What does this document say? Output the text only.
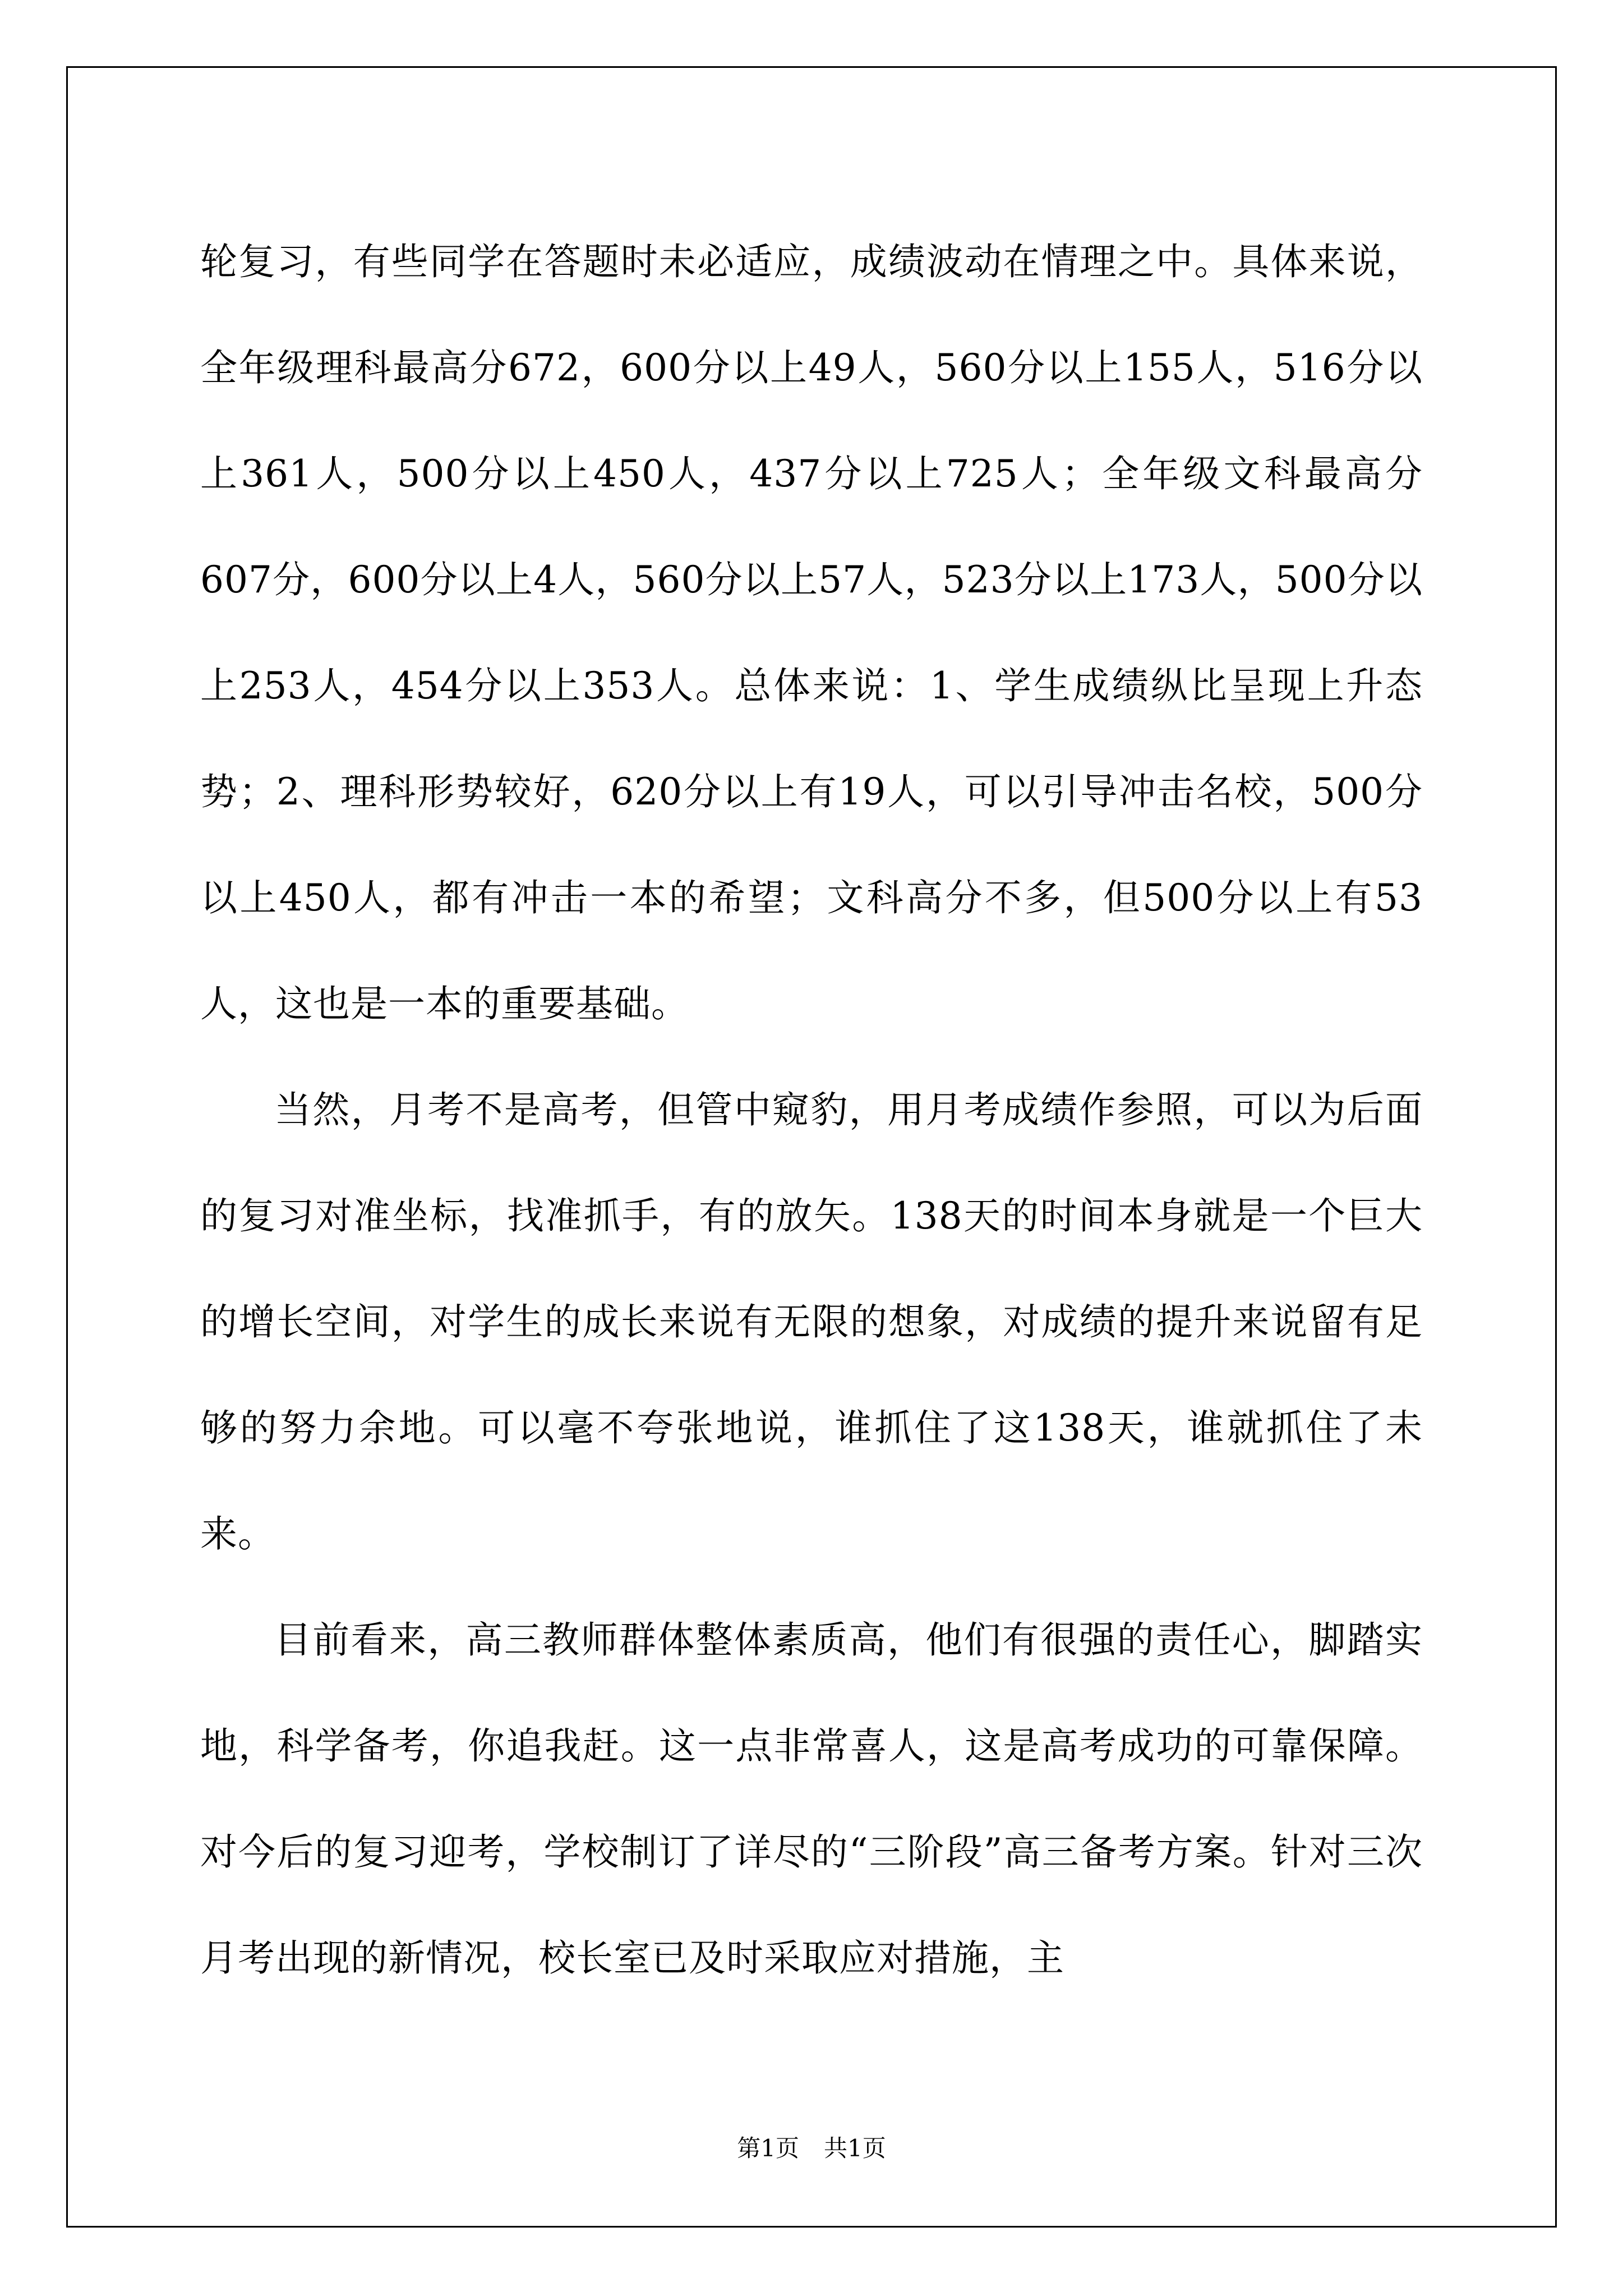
轮复习，有些同学在答题时未必适应，成绩波动在情理之中。具体来说，全年级理科最高分672，600分以上49人，560分以上155人，516分以上361人，500分以上450人，437分以上725人；全年级文科最高分607分，600分以上4人，560分以上57人，523分以上173人，500分以上253人，454分以上353人。总体来说：1、学生成绩纵比呈现上升态势；2、理科形势较好，620分以上有19人，可以引导冲击名校，500分以上450人，都有冲击一本的希望；文科高分不多，但500分以上有53人，这也是一本的重要基础。

当然，月考不是高考，但管中窥豹，用月考成绩作参照，可以为后面的复习对准坐标，找准抓手，有的放矢。138天的时间本身就是一个巨大的增长空间，对学生的成长来说有无限的想象，对成绩的提升来说留有足够的努力余地。可以毫不夸张地说，谁抓住了这138天，谁就抓住了未来。

目前看来，高三教师群体整体素质高，他们有很强的责任心，脚踏实地，科学备考，你追我赶。这一点非常喜人，这是高考成功的可靠保障。对今后的复习迎考，学校制订了详尽的“三阶段”高三备考方案。针对三次月考出现的新情况，校长室已及时采取应对措施，主

第1页 共1页
